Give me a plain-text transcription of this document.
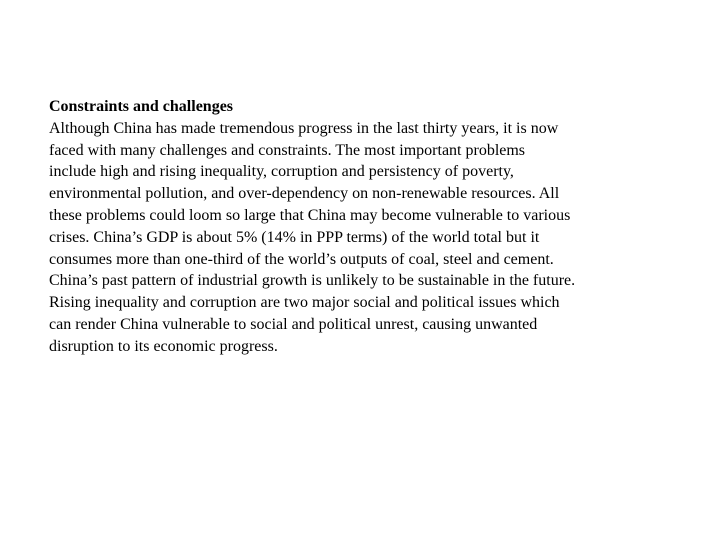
Constraints and challenges
Although China has made tremendous progress in the last thirty years, it is now
faced with many challenges and constraints. The most important problems
include high and rising inequality, corruption and persistency of poverty,
environmental pollution, and over-dependency on non-renewable resources. All
these problems could loom so large that China may become vulnerable to various
crises. China’s GDP is about 5% (14% in PPP terms) of the world total but it
consumes more than one-third of the world’s outputs of coal, steel and cement.
China’s past pattern of industrial growth is unlikely to be sustainable in the future.
Rising inequality and corruption are two major social and political issues which
can render China vulnerable to social and political unrest, causing unwanted
disruption to its economic progress.
